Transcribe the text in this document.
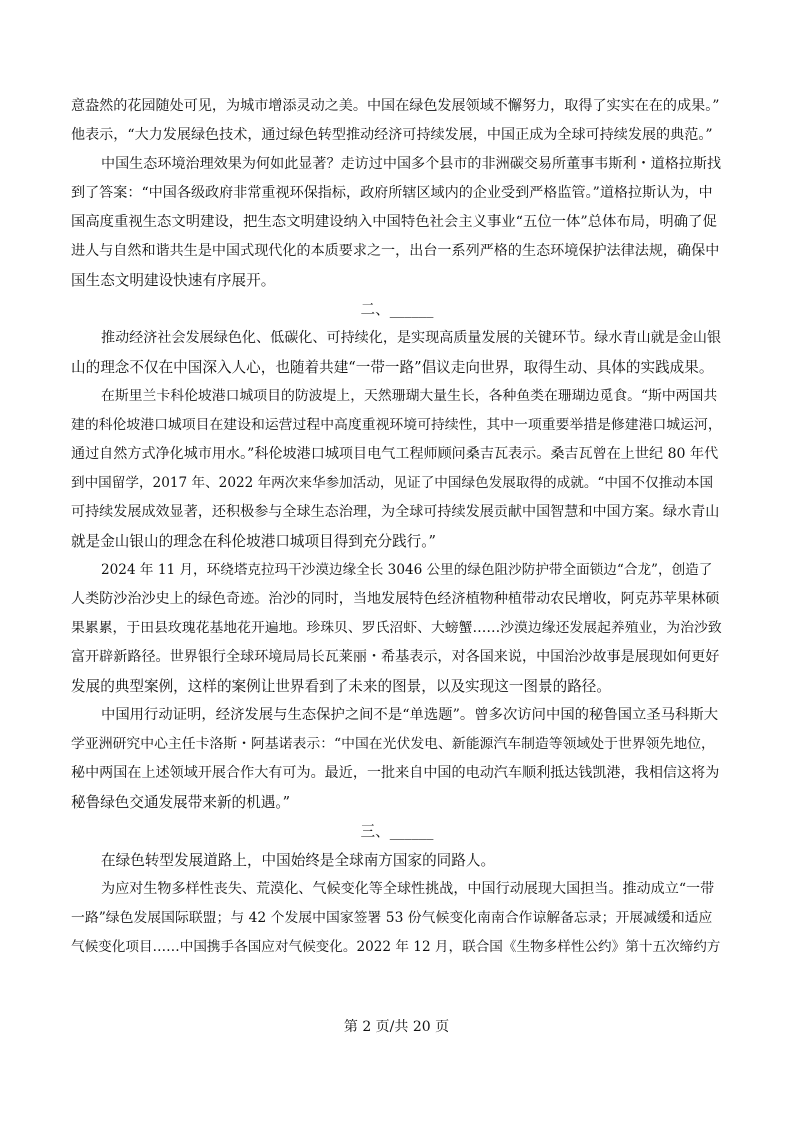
意盎然的花园随处可见，为城市增添灵动之美。中国在绿色发展领域不懈努力，取得了实实在在的成果。”
他表示，“大力发展绿色技术，通过绿色转型推动经济可持续发展，中国正成为全球可持续发展的典范。”
中国生态环境治理效果为何如此显著？走访过中国多个县市的非洲碳交易所董事韦斯利・道格拉斯找
到了答案：“中国各级政府非常重视环保指标，政府所辖区域内的企业受到严格监管。”道格拉斯认为，中
国高度重视生态文明建设，把生态文明建设纳入中国特色社会主义事业“五位一体”总体布局，明确了促
进人与自然和谐共生是中国式现代化的本质要求之一，出台一系列严格的生态环境保护法律法规，确保中
国生态文明建设快速有序展开。
二、______
推动经济社会发展绿色化、低碳化、可持续化，是实现高质量发展的关键环节。绿水青山就是金山银
山的理念不仅在中国深入人心，也随着共建“一带一路”倡议走向世界，取得生动、具体的实践成果。
在斯里兰卡科伦坡港口城项目的防波堤上，天然珊瑚大量生长，各种鱼类在珊瑚边觅食。“斯中两国共
建的科伦坡港口城项目在建设和运营过程中高度重视环境可持续性，其中一项重要举措是修建港口城运河，
通过自然方式净化城市用水。”科伦坡港口城项目电气工程师顾问桑吉瓦表示。桑吉瓦曾在上世纪 80 年代
到中国留学，2017 年、2022 年两次来华参加活动，见证了中国绿色发展取得的成就。“中国不仅推动本国
可持续发展成效显著，还积极参与全球生态治理，为全球可持续发展贡献中国智慧和中国方案。绿水青山
就是金山银山的理念在科伦坡港口城项目得到充分践行。”
2024 年 11 月，环绕塔克拉玛干沙漠边缘全长 3046 公里的绿色阻沙防护带全面锁边“合龙”，创造了
人类防沙治沙史上的绿色奇迹。治沙的同时，当地发展特色经济植物种植带动农民增收，阿克苏苹果林硕
果累累，于田县玫瑰花基地花开遍地。珍珠贝、罗氏沼虾、大螃蟹……沙漠边缘还发展起养殖业，为治沙致
富开辟新路径。世界银行全球环境局局长瓦莱丽・希基表示，对各国来说，中国治沙故事是展现如何更好
发展的典型案例，这样的案例让世界看到了未来的图景，以及实现这一图景的路径。
中国用行动证明，经济发展与生态保护之间不是“单选题”。曾多次访问中国的秘鲁国立圣马科斯大
学亚洲研究中心主任卡洛斯・阿基诺表示：“中国在光伏发电、新能源汽车制造等领域处于世界领先地位，
秘中两国在上述领域开展合作大有可为。最近，一批来自中国的电动汽车顺利抵达钱凯港，我相信这将为
秘鲁绿色交通发展带来新的机遇。”
三、______
在绿色转型发展道路上，中国始终是全球南方国家的同路人。
为应对生物多样性丧失、荒漠化、气候变化等全球性挑战，中国行动展现大国担当。推动成立“一带
一路”绿色发展国际联盟；与 42 个发展中国家签署 53 份气候变化南南合作谅解备忘录；开展减缓和适应
气候变化项目……中国携手各国应对气候变化。2022 年 12 月，联合国《生物多样性公约》第十五次缔约方
第 2 页/共 20 页
